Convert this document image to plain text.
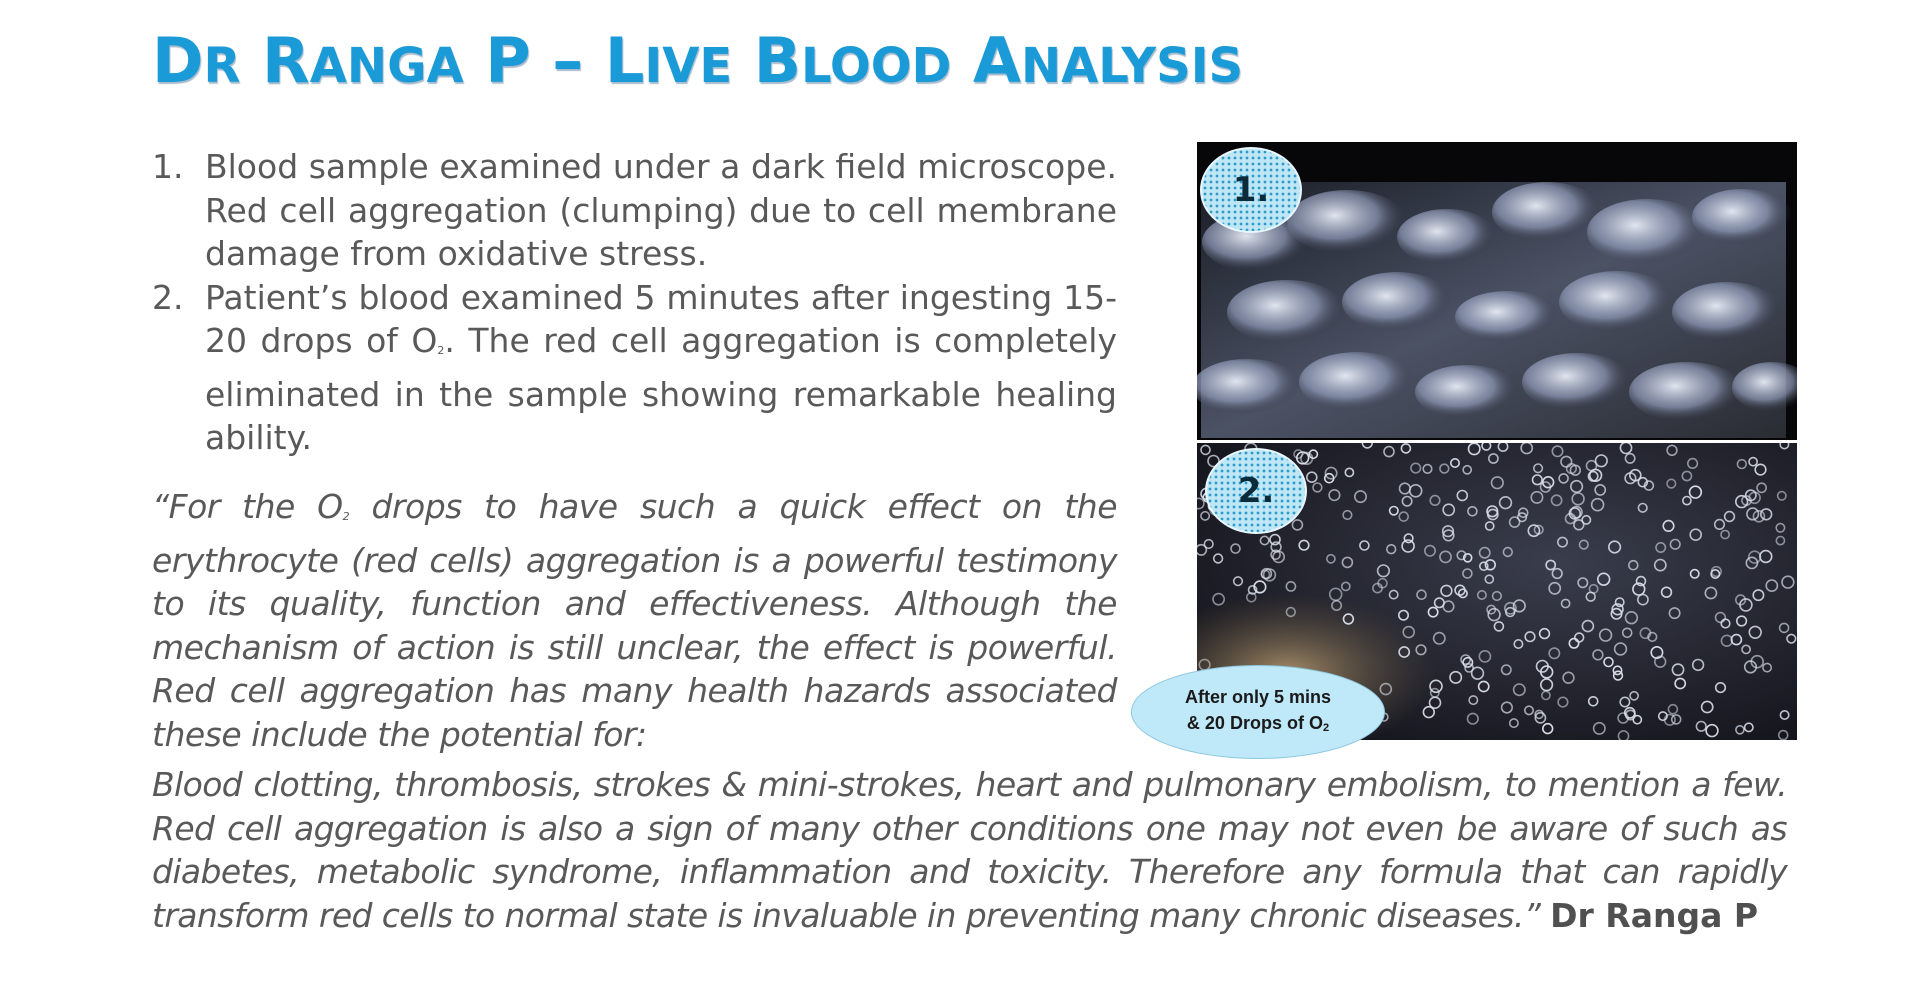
DR RANGA P – LIVE BLOOD ANALYSIS
1. Blood sample examined under a dark field microscope. Red cell aggregation (clumping) due to cell membrane damage from oxidative stress.
2. Patient’s blood examined 5 minutes after ingesting 15-20 drops of $O_2$. The red cell aggregation is completely eliminated in the sample showing remarkable healing ability.

“For the $O_2$ drops to have such a quick effect on the erythrocyte (red cells) aggregation is a powerful testimony to its quality, function and effectiveness. Although the mechanism of action is still unclear, the effect is powerful. Red cell aggregation has many health hazards associated these include the potential for:

Blood clotting, thrombosis, strokes & mini-strokes, heart and pulmonary embolism, to mention a few. Red cell aggregation is also a sign of many other conditions one may not even be aware of such as diabetes, metabolic syndrome, inflammation and toxicity. Therefore any formula that can rapidly transform red cells to normal state is invaluable in preventing many chronic diseases.” Dr Ranga P

1.
2.
After only 5 mins
& 20 Drops of $O_2$
